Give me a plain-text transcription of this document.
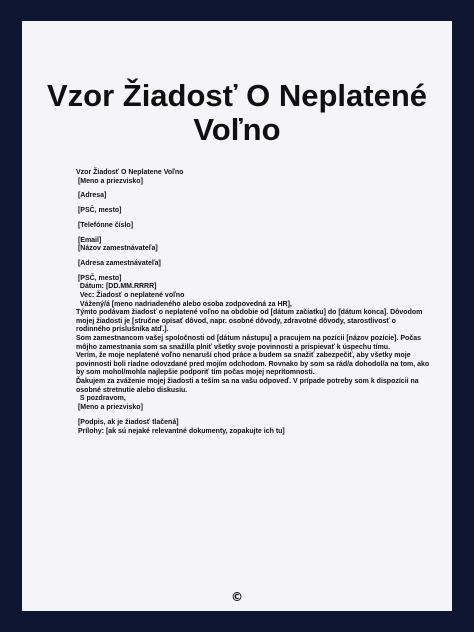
Vzor Žiadosť O Neplatené
Voľno
Vzor Žiadosť O Neplatene Voľno
[Meno a priezvisko]
[Adresa]
[PSČ, mesto]
[Telefónne číslo]
[Email]
[Názov zamestnávateľa]
[Adresa zamestnávateľa]
[PSČ, mesto]
Dátum: [DD.MM.RRRR]
Vec: Žiadosť o neplatené voľno
Vážený/á [meno nadriadeného alebo osoba zodpovedná za HR],
Týmto podávam žiadosť o neplatené voľno na obdobie od [dátum začiatku] do [dátum konca]. Dôvodom mojej žiadosti je [stručne opísať dôvod, napr. osobné dôvody, zdravotné dôvody, starostlivosť o rodinného príslušníka atď.].
Som zamestnancom vašej spoločnosti od [dátum nástupu] a pracujem na pozícii [názov pozície]. Počas môjho zamestnania som sa snažil/a plniť všetky svoje povinnosti a prispievať k úspechu tímu.
Verím, že moje neplatené voľno nenaruší chod práce a budem sa snažiť zabezpečiť, aby všetky moje povinnosti boli riadne odovzdané pred mojím odchodom. Rovnako by som sa rád/a dohodol/a na tom, ako by som mohol/mohla najlepšie podporiť tím počas mojej neprítomnosti.
Ďakujem za zváženie mojej žiadosti a teším sa na vašu odpoveď. V prípade potreby som k dispozícii na osobné stretnutie alebo diskusiu.
S pozdravom,
[Meno a priezvisko]
[Podpis, ak je žiadosť tlačená]
Prílohy: [ak sú nejaké relevantné dokumenty, zopakujte ich tu]
©
